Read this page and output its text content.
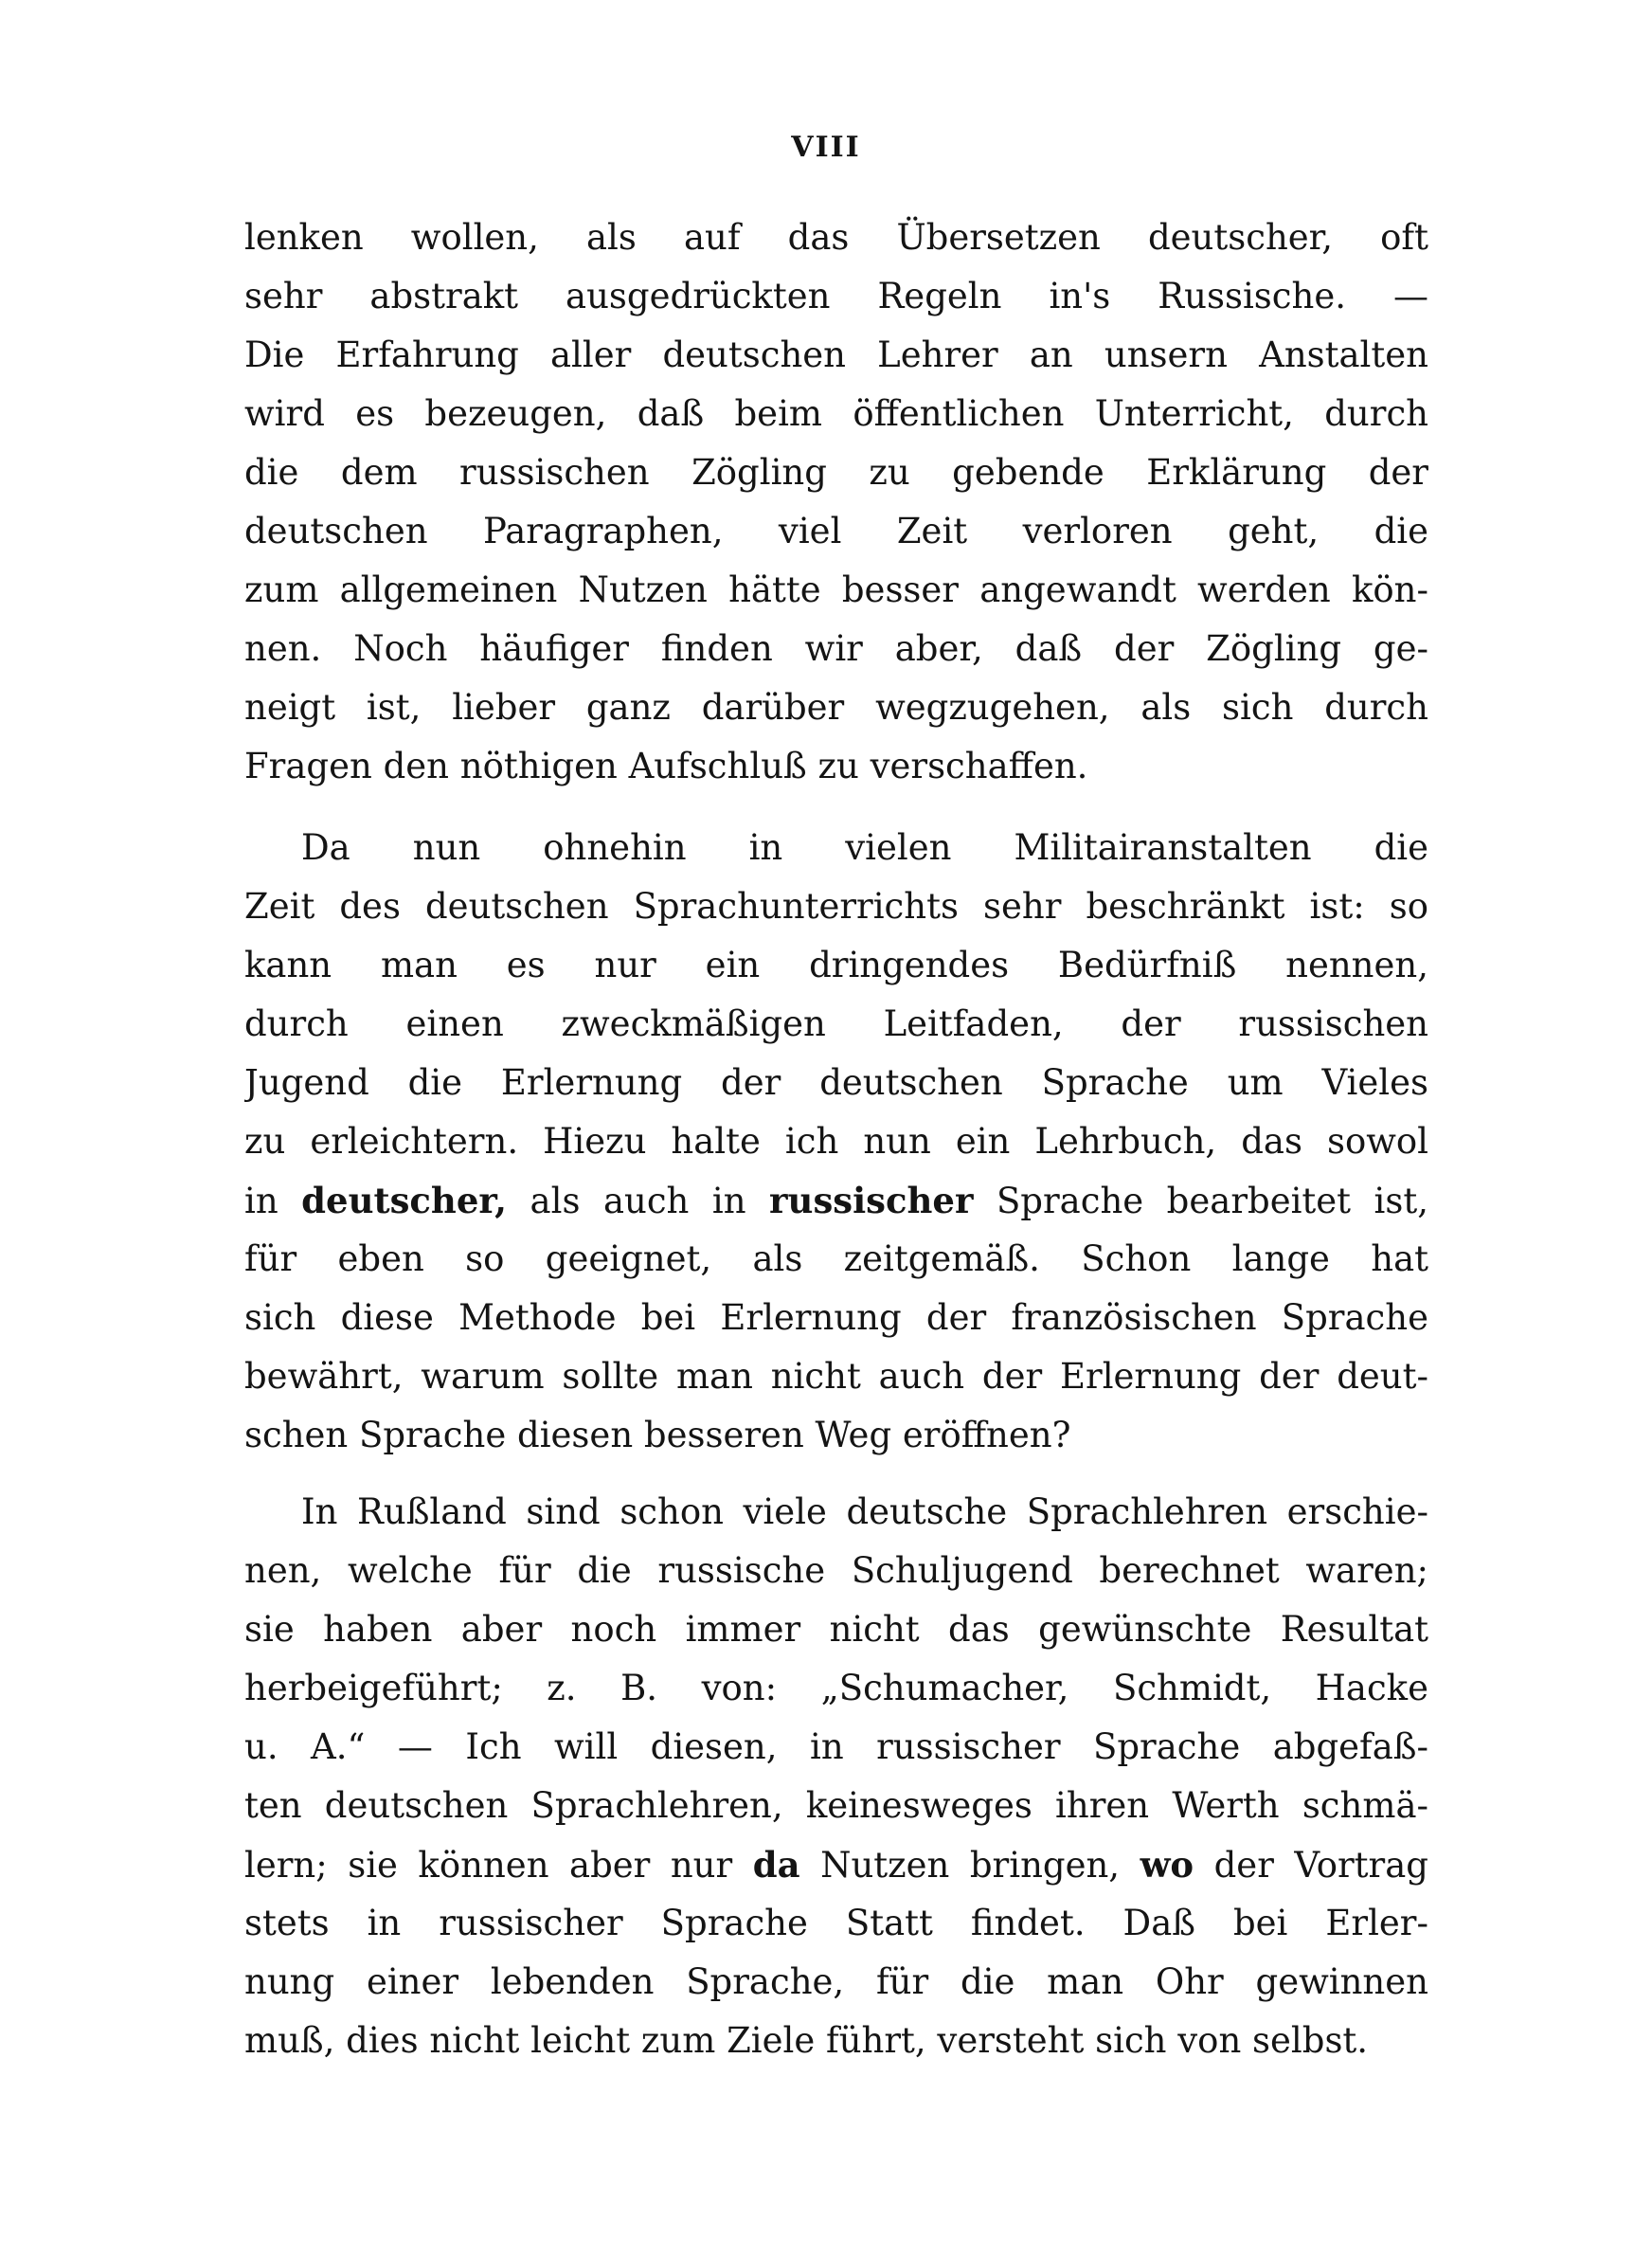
VIII
lenken wollen, als auf das Übersetzen deutscher, oft
sehr abstrakt ausgedrückten Regeln in's Russische. —
Die Erfahrung aller deutschen Lehrer an unsern Anstalten
wird es bezeugen, daß beim öffentlichen Unterricht, durch
die dem russischen Zögling zu gebende Erklärung der
deutschen Paragraphen, viel Zeit verloren geht, die
zum allgemeinen Nutzen hätte besser angewandt werden kön-
nen. Noch häufiger finden wir aber, daß der Zögling ge-
neigt ist, lieber ganz darüber wegzugehen, als sich durch
Fragen den nöthigen Aufschluß zu verschaffen.
Da nun ohnehin in vielen Militairanstalten die
Zeit des deutschen Sprachunterrichts sehr beschränkt ist: so
kann man es nur ein dringendes Bedürfniß nennen,
durch einen zweckmäßigen Leitfaden, der russischen
Jugend die Erlernung der deutschen Sprache um Vieles
zu erleichtern. Hiezu halte ich nun ein Lehrbuch, das sowol
in deutscher, als auch in russischer Sprache bearbeitet ist,
für eben so geeignet, als zeitgemäß. Schon lange hat
sich diese Methode bei Erlernung der französischen Sprache
bewährt, warum sollte man nicht auch der Erlernung der deut-
schen Sprache diesen besseren Weg eröffnen?
In Rußland sind schon viele deutsche Sprachlehren erschie-
nen, welche für die russische Schuljugend berechnet waren;
sie haben aber noch immer nicht das gewünschte Resultat
herbeigeführt; z. B. von: „Schumacher, Schmidt, Hacke
u. A.“ — Ich will diesen, in russischer Sprache abgefaß-
ten deutschen Sprachlehren, keinesweges ihren Werth schmä-
lern; sie können aber nur da Nutzen bringen, wo der Vortrag
stets in russischer Sprache Statt findet. Daß bei Erler-
nung einer lebenden Sprache, für die man Ohr gewinnen
muß, dies nicht leicht zum Ziele führt, versteht sich von selbst.
